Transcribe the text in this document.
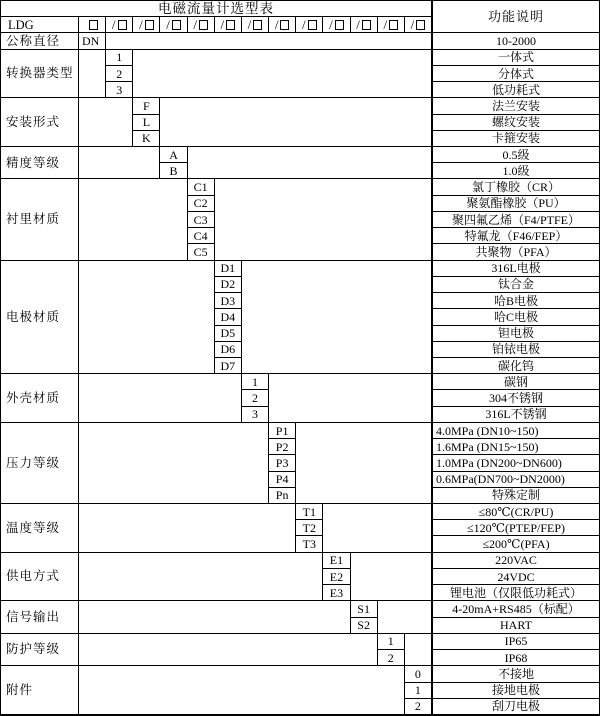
电磁流量计选型表
功能说明
LDG	/ / / / / / / / / / / /
公称直径	DN	10-2000
转换器类型
1	一体式
2	分体式
3	低功耗式
安装形式
F	法兰安装
L	螺纹安装
K	卡箍安装
精度等级
A	0.5级
B	1.0级
衬里材质
C1	氯丁橡胶（CR）
C2	聚氨酯橡胶（PU）
C3	聚四氟乙烯（F4/PTFE）
C4	特氟龙（F46/FEP）
C5	共聚物（PFA）
电极材质
D1	316L电极
D2	钛合金
D3	哈B电极
D4	哈C电极
D5	钽电极
D6	铂铱电极
D7	碳化钨
外壳材质
1	碳钢
2	304不锈钢
3	316L不锈钢
压力等级
P1	4.0MPa (DN10~150)
P2	1.6MPa (DN15~150)
P3	1.0MPa (DN200~DN600)
P4	0.6MPa(DN700~DN2000)
Pn	特殊定制
温度等级
T1	≤80℃(CR/PU)
T2	≤120℃(PTEP/FEP)
T3	≤200℃(PFA)
供电方式
E1	220VAC
E2	24VDC
E3	锂电池（仅限低功耗式）
信号输出
S1	4-20mA+RS485（标配）
S2	HART
防护等级
1	IP65
2	IP68
附件
0	不接地
1	接地电极
2	刮刀电极
